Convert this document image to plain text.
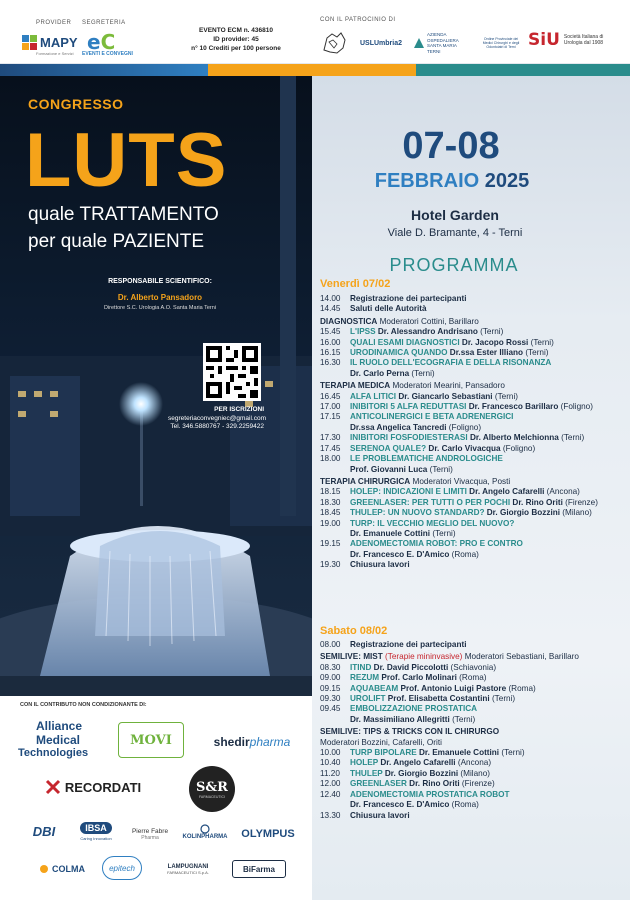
PROVIDER SEGRETERIA
MAPY
Formazione e Servizi eC
EVENTI E CONVEGNI
EVENTO ECM n. 436810
ID provider: 45
n° 10 Crediti per 100 persone
CON IL PATROCINIO DI
USLUmbria2
AZIENDA OSPEDALIERA SANTA MARIA TERNI
Ordine Provinciale dei Medici Chirurghi e degli Odontoiatri di Terni SiU Società Italiana di Urologia dal 1908
CONGRESSO
LUTS
quale TRATTAMENTO
per quale PAZIENTE
RESPONSABILE SCIENTIFICO:
Dr. Alberto Pansadoro
Direttore S.C. Urologia A.O. Santa Maria Terni
PER ISCRIZIONI
segreteriaconvegniec@gmail.com
Tel. 346.5880767 - 329.2259422
07-08
FEBBRAIO 2025
Hotel Garden
Viale D. Bramante, 4 - Terni
PROGRAMMA
Venerdì 07/02
14.00	Registrazione dei partecipanti
14.45	Saluti delle Autorità
DIAGNOSTICA Moderatori Cottini, Barillaro
15.45	L'IPSS Dr. Alessandro Andrisano (Terni)
16.00	QUALI ESAMI DIAGNOSTICI Dr. Jacopo Rossi (Terni)
16.15	URODINAMICA QUANDO Dr.ssa Ester Illiano (Terni)
16.30	IL RUOLO DELL'ECOGRAFIA E DELLA RISONANZA
Dr. Carlo Perna (Terni)
TERAPIA MEDICA Moderatori Mearini, Pansadoro
16.45	ALFA LITICI Dr. Giancarlo Sebastiani (Terni)
17.00	INIBITORI 5 ALFA REDUTTASI Dr. Francesco Barillaro (Foligno)
17.15	ANTICOLINERGICI E BETA ADRENERGICI
Dr.ssa Angelica Tancredi (Foligno)
17.30	INIBITORI FOSFODIESTERASI Dr. Alberto Melchionna (Terni)
17.45	SERENOA QUALE? Dr. Carlo Vivacqua (Foligno)
18.00	LE PROBLEMATICHE ANDROLOGICHE
Prof. Giovanni Luca (Terni)
TERAPIA CHIRURGICA Moderatori Vivacqua, Posti
18.15	HOLEP: INDICAZIONI E LIMITI Dr. Angelo Cafarelli (Ancona)
18.30	GREENLASER: PER TUTTI O PER POCHI Dr. Rino Oriti (Firenze)
18.45	THULEP: UN NUOVO STANDARD? Dr. Giorgio Bozzini (Milano)
19.00	TURP: IL VECCHIO MEGLIO DEL NUOVO?
Dr. Emanuele Cottini (Terni)
19.15	ADENOMECTOMIA ROBOT: PRO E CONTRO
Dr. Francesco E. D'Amico (Roma)
19.30	Chiusura lavori
Sabato 08/02
08.00	Registrazione dei partecipanti
SEMILIVE: MIST (Terapie mininvasive) Moderatori Sebastiani, Barillaro
08.30	ITIND Dr. David Piccolotti (Schiavonia)
09.00	REZUM Prof. Carlo Molinari (Roma)
09.15	AQUABEAM Prof. Antonio Luigi Pastore (Roma)
09.30	UROLIFT Prof. Elisabetta Costantini (Terni)
09.45	EMBOLIZZAZIONE PROSTATICA
Dr. Massimiliano Allegritti (Terni)
SEMILIVE: TIPS & TRICKS CON IL CHIRURGO
Moderatori Bozzini, Cafarelli, Oriti
10.00	TURP BIPOLARE Dr. Emanuele Cottini (Terni)
10.40	HOLEP Dr. Angelo Cafarelli (Ancona)
11.20	THULEP Dr. Giorgio Bozzini (Milano)
12.00	GREENLASER Dr. Rino Oriti (Firenze)
12.40	ADENOMECTOMIA PROSTATICA ROBOT
Dr. Francesco E. D'Amico (Roma)
13.30	Chiusura lavori
CON IL CONTRIBUTO NON CONDIZIONANTE DI:
Alliance
Medical
Technologies
MOVI	shedir pharma
RECORDATI	S&R
FARMACEUTICI
DBI	IBSA
Caring Innovation
Pierre Fabre
Pharma	KOLINPHARMA OLYMPUS
COLMA	epitech	LAMPUGNANI
FARMACEUTICI S.p.A.	BiFarma
